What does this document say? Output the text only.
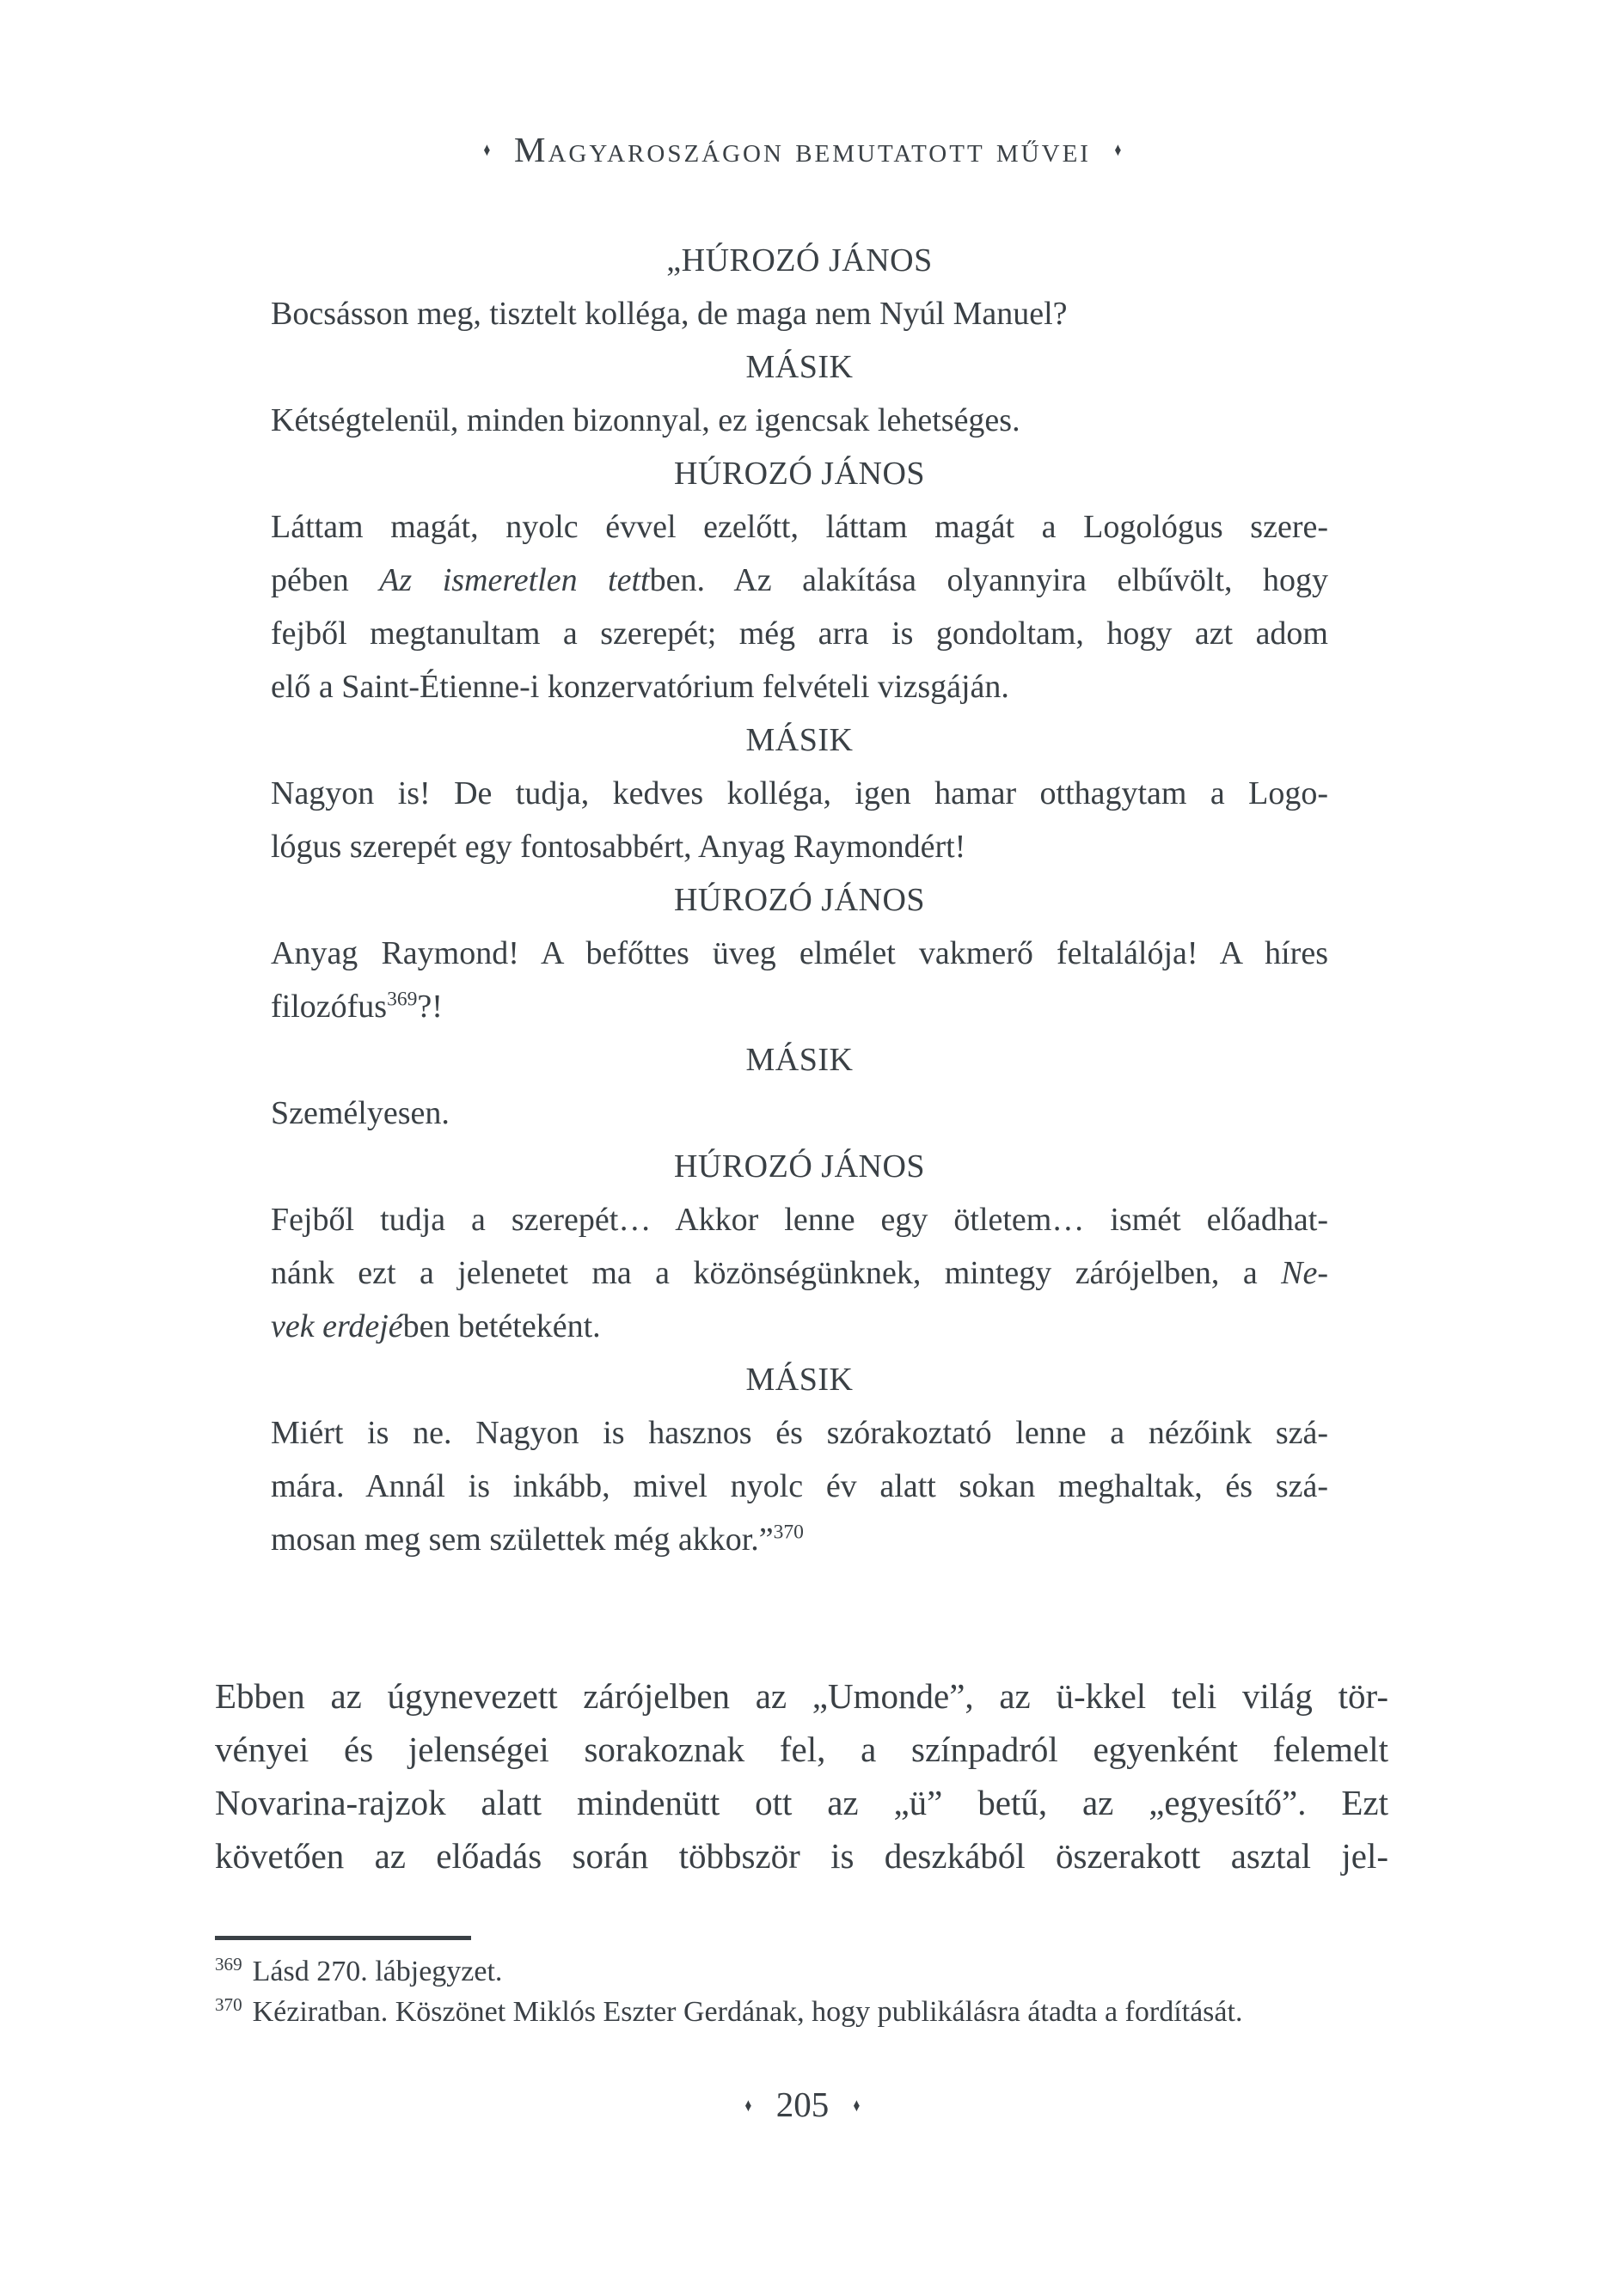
♦ Magyaroszágon bemutatott művei ♦
„HÚROZÓ JÁNOS
Bocsásson meg, tisztelt kolléga, de maga nem Nyúl Manuel?
MÁSIK
Kétségtelenül, minden bizonnyal, ez igencsak lehetséges.
HÚROZÓ JÁNOS
Láttam magát, nyolc évvel ezelőtt, láttam magát a Logológus szere-
pében Az ismeretlen tettben. Az alakítása olyannyira elbűvölt, hogy
fejből megtanultam a szerepét; még arra is gondoltam, hogy azt adom
elő a Saint-Étienne-i konzervatórium felvételi vizsgáján.
MÁSIK
Nagyon is! De tudja, kedves kolléga, igen hamar otthagytam a Logo-
lógus szerepét egy fontosabbért, Anyag Raymondért!
HÚROZÓ JÁNOS
Anyag Raymond! A befőttes üveg elmélet vakmerő feltalálója! A híres
filozófus$^{369}$?!
MÁSIK
Személyesen.
HÚROZÓ JÁNOS
Fejből tudja a szerepét… Akkor lenne egy ötletem… ismét előadhat-
nánk ezt a jelenetet ma a közönségünknek, mintegy zárójelben, a Ne-
vek erdejében betéteként.
MÁSIK
Miért is ne. Nagyon is hasznos és szórakoztató lenne a nézőink szá-
mára. Annál is inkább, mivel nyolc év alatt sokan meghaltak, és szá-
mosan meg sem születtek még akkor.”$^{370}$
Ebben az úgynevezett zárójelben az „Umonde”, az ü-kkel teli világ tör-
vényei és jelenségei sorakoznak fel, a színpadról egyenként felemelt
Novarina-rajzok alatt mindenütt ott az „ü” betű, az „egyesítő”. Ezt
követően az előadás során többször is deszkából öszerakott asztal jel-
$^{369}$ Lásd 270. lábjegyzet.
$^{370}$ Kéziratban. Köszönet Miklós Eszter Gerdának, hogy publikálásra átadta a fordítását.
♦ 205 ♦
